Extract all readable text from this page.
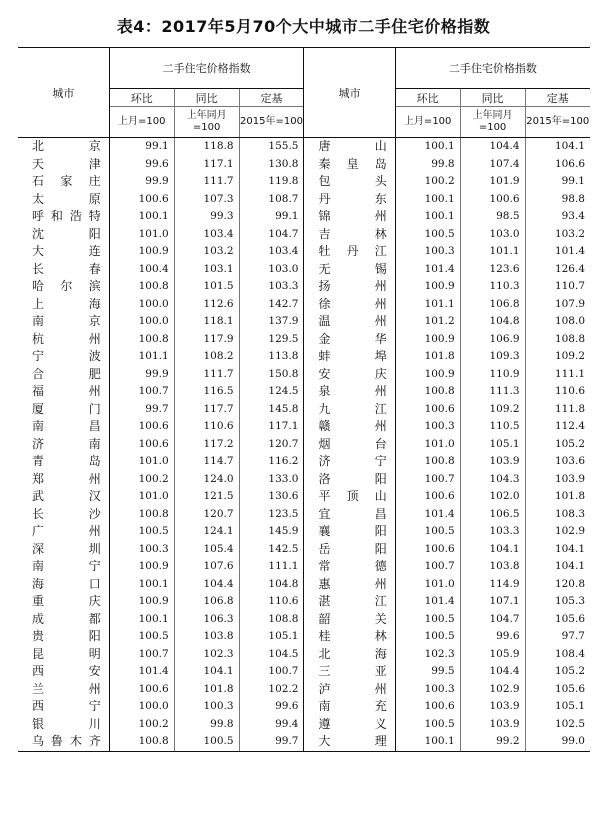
表4：2017年5月70个大中城市二手住宅价格指数
城市	二手住宅价格指数			城市	二手住宅价格指数		
	环比	同比	定基		环比	同比	定基
	上月=100	上年同月=100	2015年=100		上月=100	上年同月=100	2015年=100
北京	99.1	118.8	155.5	唐山	100.1	104.4	104.1
天津	99.6	117.1	130.8	秦皇岛	99.8	107.4	106.6
石家庄	99.9	111.7	119.8	包头	100.2	101.9	99.1
太原	100.6	107.3	108.7	丹东	100.1	100.6	98.8
呼和浩特	100.1	99.3	99.1	锦州	100.1	98.5	93.4
沈阳	101.0	103.4	104.7	吉林	100.5	103.0	103.2
大连	100.9	103.2	103.4	牡丹江	100.3	101.1	101.4
长春	100.4	103.1	103.0	无锡	101.4	123.6	126.4
哈尔滨	100.8	101.5	103.3	扬州	100.9	110.3	110.7
上海	100.0	112.6	142.7	徐州	101.1	106.8	107.9
南京	100.0	118.1	137.9	温州	101.2	104.8	108.0
杭州	100.8	117.9	129.5	金华	100.9	106.9	108.8
宁波	101.1	108.2	113.8	蚌埠	101.8	109.3	109.2
合肥	99.9	111.7	150.8	安庆	100.9	110.9	111.1
福州	100.7	116.5	124.5	泉州	100.8	111.3	110.6
厦门	99.7	117.7	145.8	九江	100.6	109.2	111.8
南昌	100.6	110.6	117.1	赣州	100.3	110.5	112.4
济南	100.6	117.2	120.7	烟台	101.0	105.1	105.2
青岛	101.0	114.7	116.2	济宁	100.8	103.9	103.6
郑州	100.2	124.0	133.0	洛阳	100.7	104.3	103.9
武汉	101.0	121.5	130.6	平顶山	100.6	102.0	101.8
长沙	100.8	120.7	123.5	宜昌	101.4	106.5	108.3
广州	100.5	124.1	145.9	襄阳	100.5	103.3	102.9
深圳	100.3	105.4	142.5	岳阳	100.6	104.1	104.1
南宁	100.9	107.6	111.1	常德	100.7	103.8	104.1
海口	100.1	104.4	104.8	惠州	101.0	114.9	120.8
重庆	100.9	106.8	110.6	湛江	101.4	107.1	105.3
成都	100.1	106.3	108.8	韶关	100.5	104.7	105.6
贵阳	100.5	103.8	105.1	桂林	100.5	99.6	97.7
昆明	100.7	102.3	104.5	北海	102.3	105.9	108.4
西安	101.4	104.1	100.7	三亚	99.5	104.4	105.2
兰州	100.6	101.8	102.2	泸州	100.3	102.9	105.6
西宁	100.0	100.3	99.6	南充	100.6	103.9	105.1
银川	100.2	99.8	99.4	遵义	100.5	103.9	102.5
乌鲁木齐	100.8	100.5	99.7	大理	100.1	99.2	99.0
